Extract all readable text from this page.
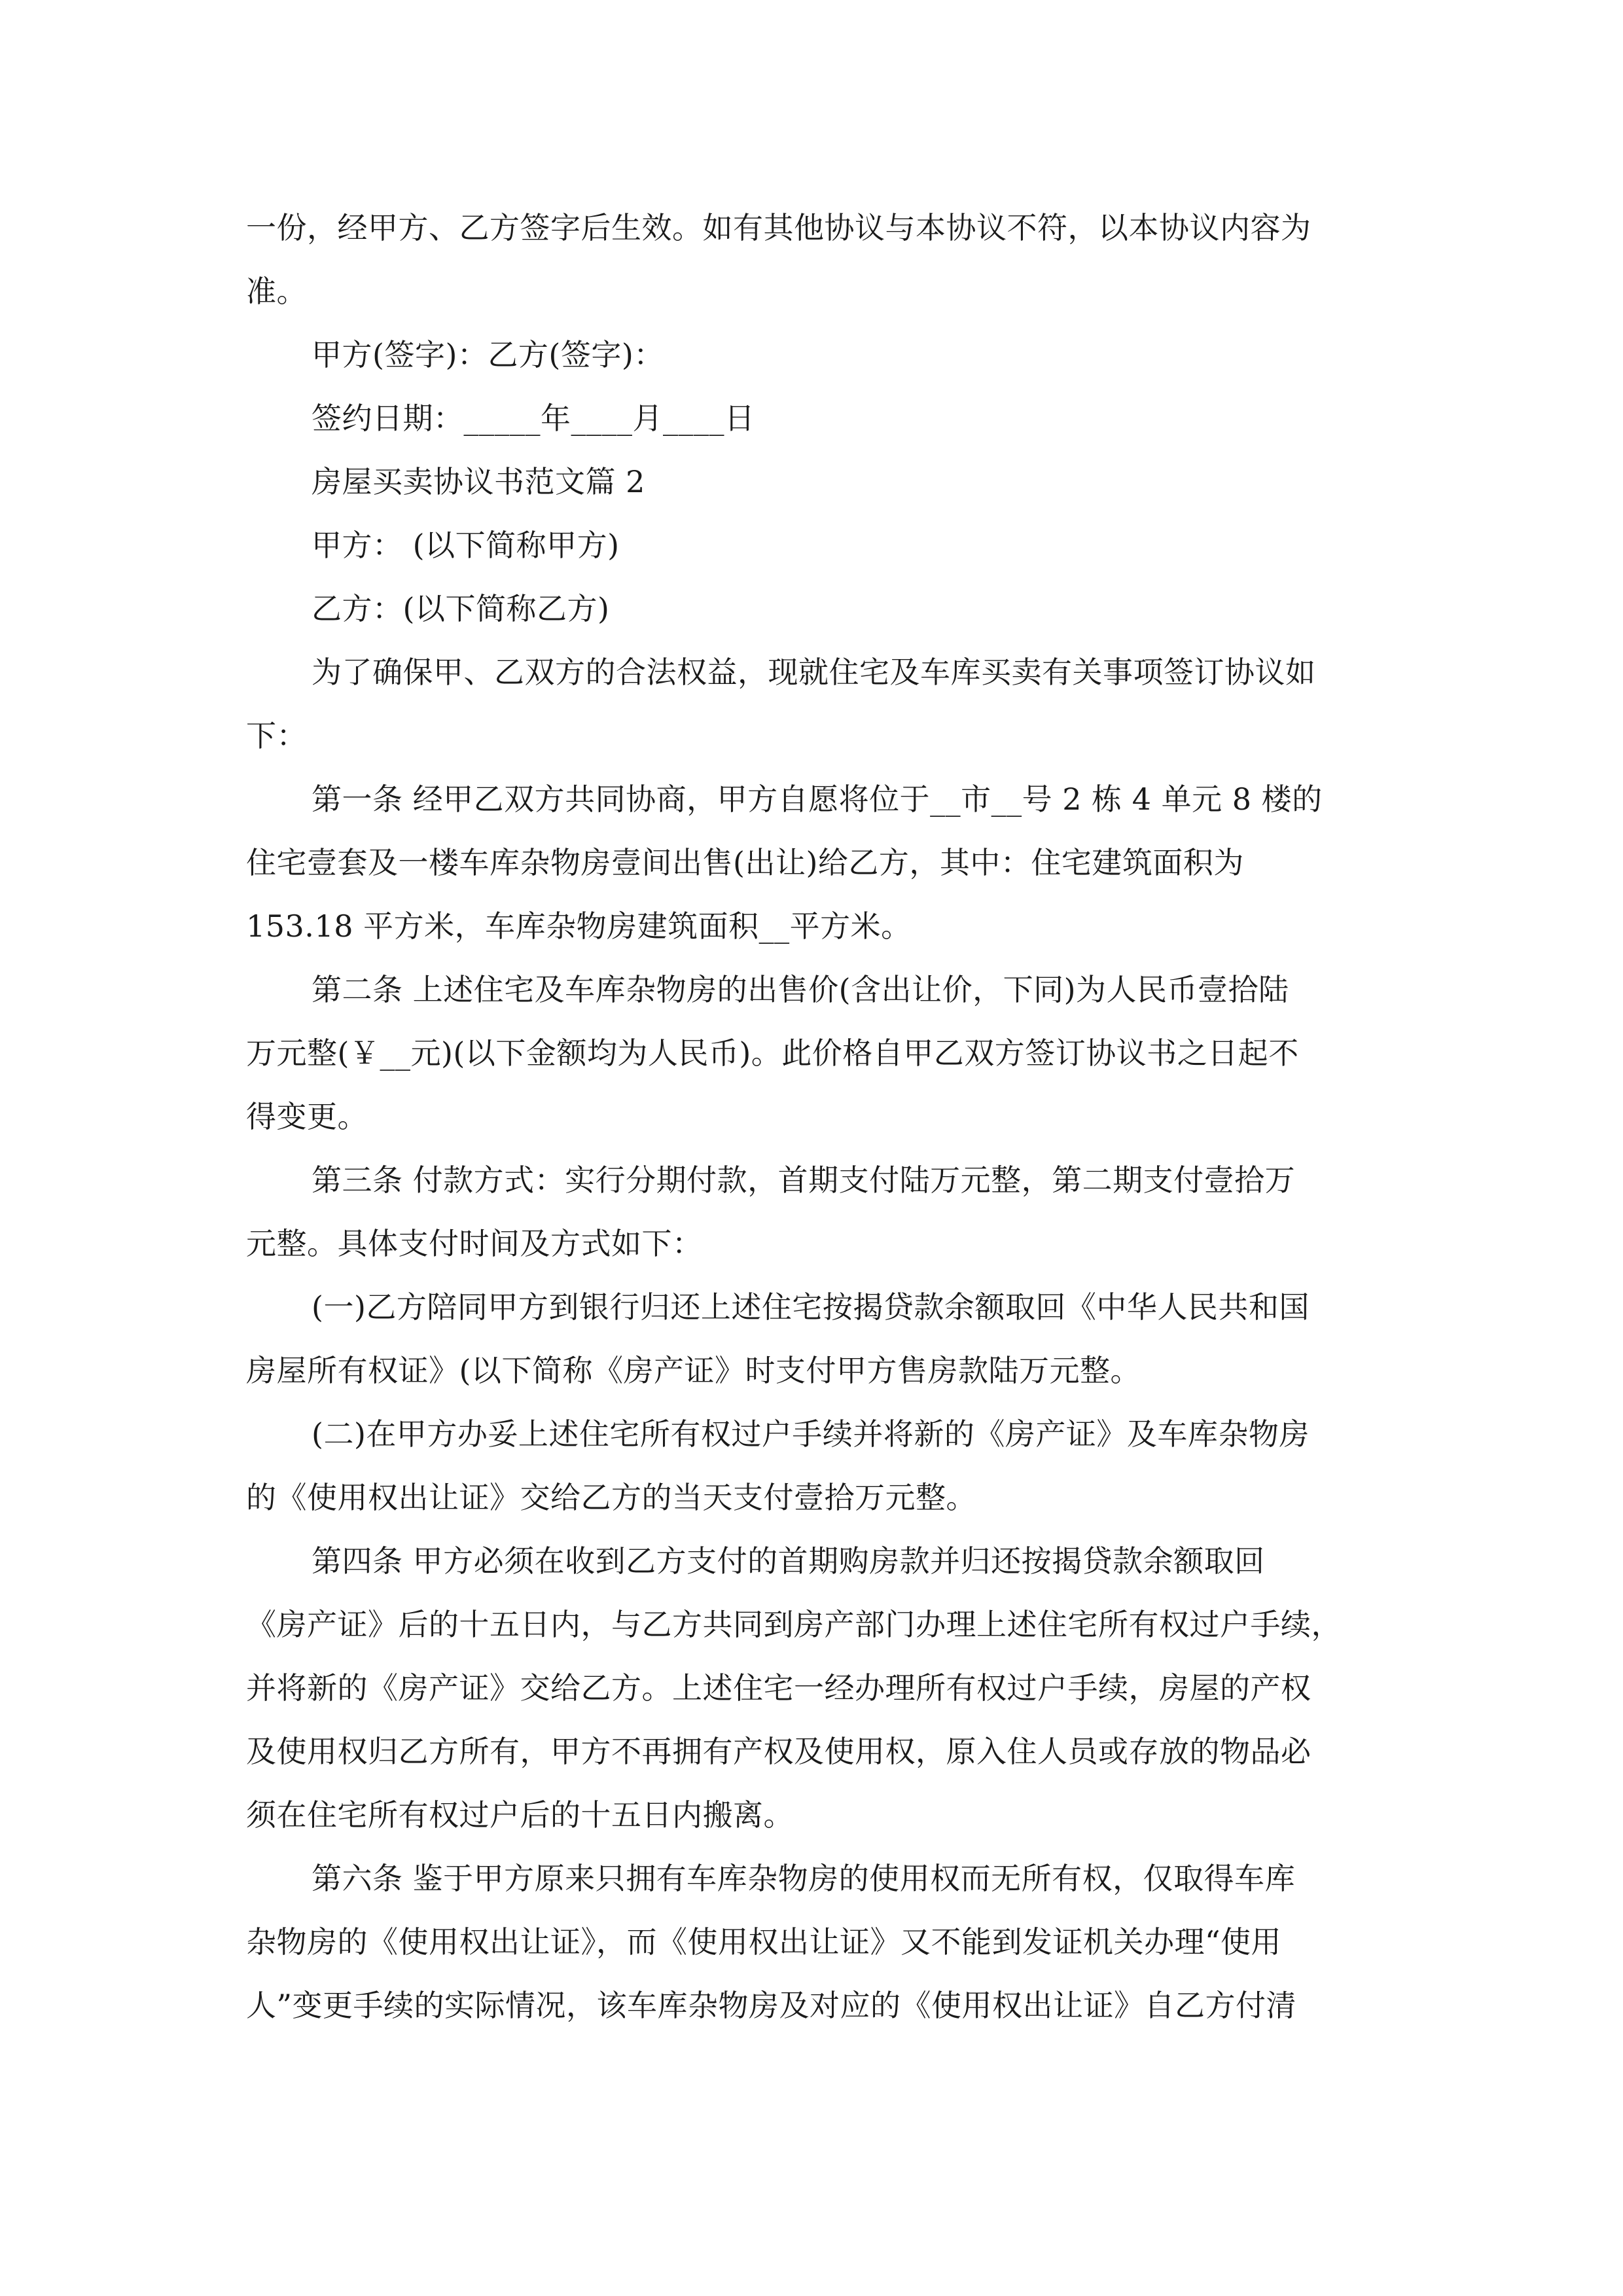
一份，经甲方、乙方签字后生效。如有其他协议与本协议不符，以本协议内容为
准。
甲方(签字)：乙方(签字)：
签约日期：_____年____月____日
房屋买卖协议书范文篇 2
甲方： (以下简称甲方)
乙方：(以下简称乙方)
为了确保甲、乙双方的合法权益，现就住宅及车库买卖有关事项签订协议如
下：
第一条 经甲乙双方共同协商，甲方自愿将位于__市__号 2 栋 4 单元 8 楼的
住宅壹套及一楼车库杂物房壹间出售(出让)给乙方，其中：住宅建筑面积为
153.18 平方米，车库杂物房建筑面积__平方米。
第二条 上述住宅及车库杂物房的出售价(含出让价，下同)为人民币壹拾陆
万元整(￥__元)(以下金额均为人民币)。此价格自甲乙双方签订协议书之日起不
得变更。
第三条 付款方式：实行分期付款，首期支付陆万元整，第二期支付壹拾万
元整。具体支付时间及方式如下：
(一)乙方陪同甲方到银行归还上述住宅按揭贷款余额取回《中华人民共和国
房屋所有权证》(以下简称《房产证》时支付甲方售房款陆万元整。
(二)在甲方办妥上述住宅所有权过户手续并将新的《房产证》及车库杂物房
的《使用权出让证》交给乙方的当天支付壹拾万元整。
第四条 甲方必须在收到乙方支付的首期购房款并归还按揭贷款余额取回
《房产证》后的十五日内，与乙方共同到房产部门办理上述住宅所有权过户手续，
并将新的《房产证》交给乙方。上述住宅一经办理所有权过户手续，房屋的产权
及使用权归乙方所有，甲方不再拥有产权及使用权，原入住人员或存放的物品必
须在住宅所有权过户后的十五日内搬离。
第六条 鉴于甲方原来只拥有车库杂物房的使用权而无所有权，仅取得车库
杂物房的《使用权出让证》，而《使用权出让证》又不能到发证机关办理“使用
人”变更手续的实际情况，该车库杂物房及对应的《使用权出让证》自乙方付清
